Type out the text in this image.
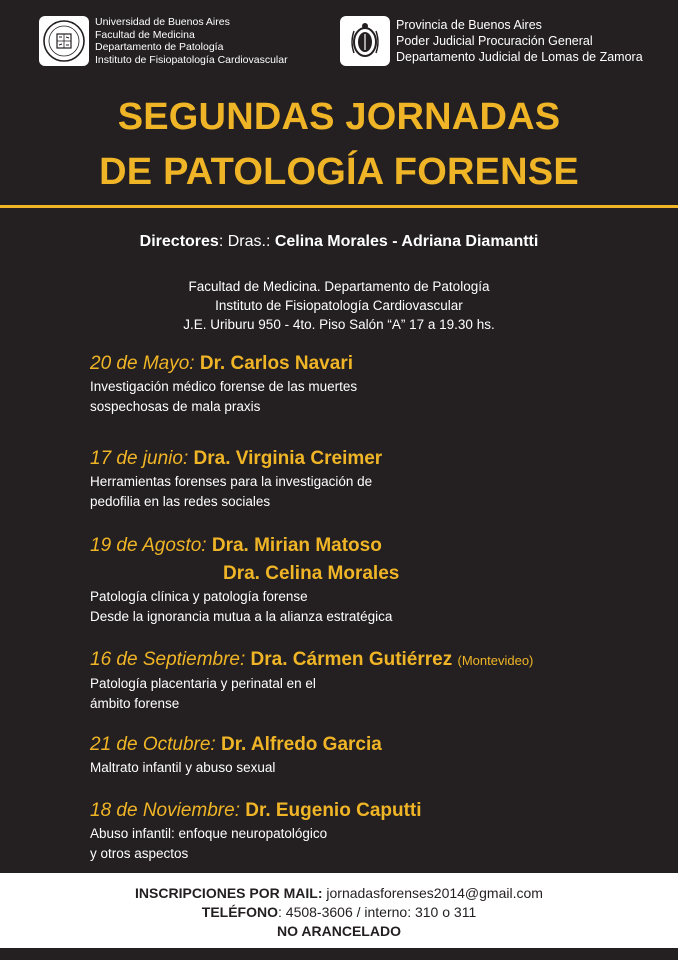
Universidad de Buenos Aires
Facultad de Medicina
Departamento de Patología
Instituto de Fisiopatología Cardiovascular
Provincia de Buenos Aires
Poder Judicial Procuración General
Departamento Judicial de Lomas de Zamora
SEGUNDAS JORNADAS
DE PATOLOGÍA FORENSE
Directores: Dras.: Celina Morales - Adriana Diamantti
Facultad de Medicina. Departamento de Patología
Instituto de Fisiopatología Cardiovascular
J.E. Uriburu 950 - 4to. Piso Salón “A” 17 a 19.30 hs.
20 de Mayo: Dr. Carlos Navari
Investigación médico forense de las muertes
sospechosas de mala praxis
17 de junio: Dra. Virginia Creimer
Herramientas forenses para la investigación de
pedofilia en las redes sociales
19 de Agosto: Dra. Mirian Matoso
Dra. Celina Morales
Patología clínica y patología forense
Desde la ignorancia mutua a la alianza estratégica
16 de Septiembre: Dra. Cármen Gutiérrez (Montevideo)
Patología placentaria y perinatal en el
ámbito forense
21 de Octubre: Dr. Alfredo Garcia
Maltrato infantil y abuso sexual
18 de Noviembre: Dr. Eugenio Caputti
Abuso infantil: enfoque neuropatológico
y otros aspectos
INSCRIPCIONES POR MAIL: jornadasforenses2014@gmail.com
TELÉFONO: 4508-3606 / interno: 310 o 311
NO ARANCELADO
